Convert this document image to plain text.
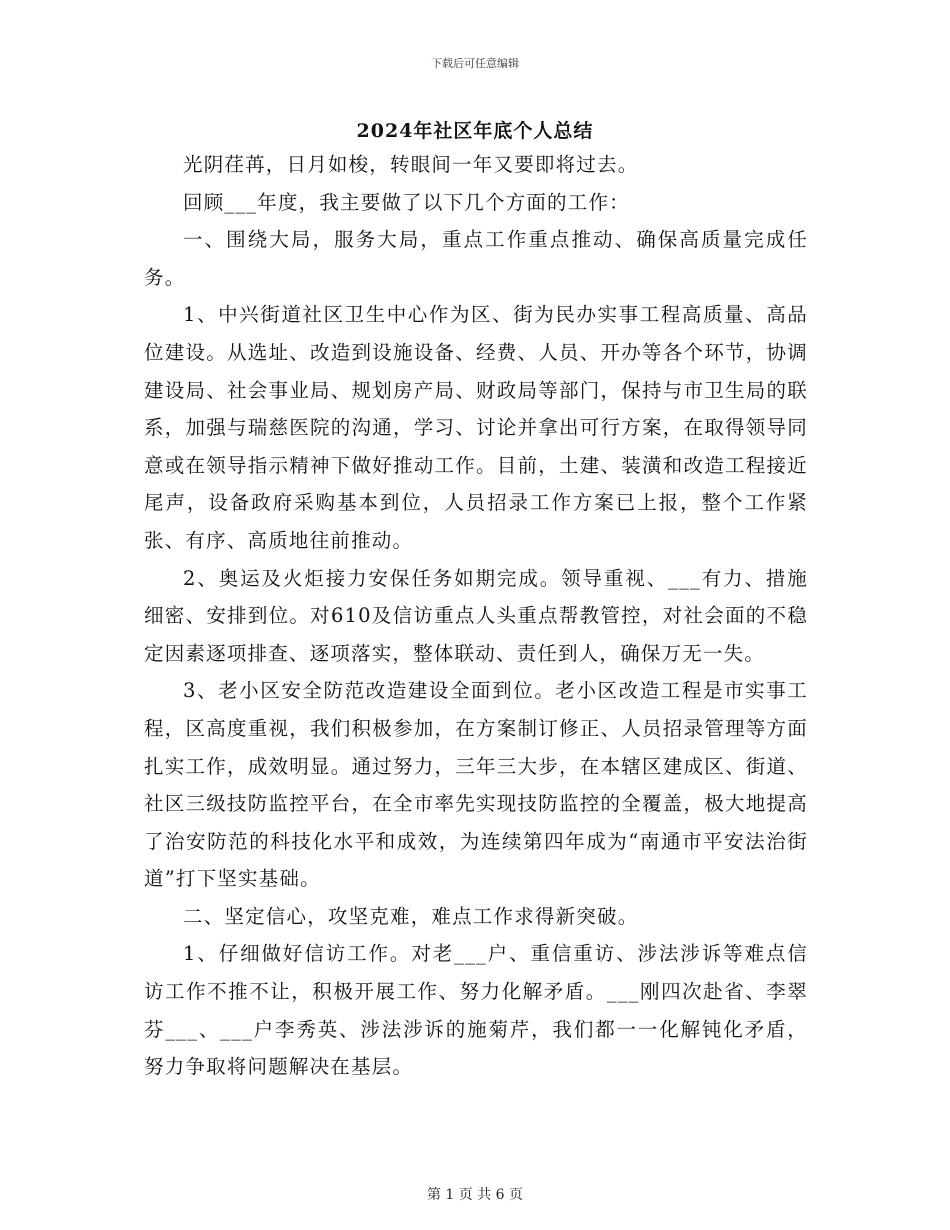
下载后可任意编辑
2024年社区年底个人总结

光阴荏苒，日月如梭，转眼间一年又要即将过去。

回顾___年度，我主要做了以下几个方面的工作：

一、围绕大局，服务大局，重点工作重点推动、确保高质量完成任务。

1、中兴街道社区卫生中心作为区、街为民办实事工程高质量、高品位建设。从选址、改造到设施设备、经费、人员、开办等各个环节，协调建设局、社会事业局、规划房产局、财政局等部门，保持与市卫生局的联系，加强与瑞慈医院的沟通，学习、讨论并拿出可行方案，在取得领导同意或在领导指示精神下做好推动工作。目前，土建、装潢和改造工程接近尾声，设备政府采购基本到位，人员招录工作方案已上报，整个工作紧张、有序、高质地往前推动。

2、奥运及火炬接力安保任务如期完成。领导重视、___有力、措施细密、安排到位。对610及信访重点人头重点帮教管控，对社会面的不稳定因素逐项排查、逐项落实，整体联动、责任到人，确保万无一失。

3、老小区安全防范改造建设全面到位。老小区改造工程是市实事工程，区高度重视，我们积极参加，在方案制订修正、人员招录管理等方面扎实工作，成效明显。通过努力，三年三大步，在本辖区建成区、街道、社区三级技防监控平台，在全市率先实现技防监控的全覆盖，极大地提高了治安防范的科技化水平和成效，为连续第四年成为“南通市平安法治街道”打下坚实基础。

二、坚定信心，攻坚克难，难点工作求得新突破。

1、仔细做好信访工作。对老___户、重信重访、涉法涉诉等难点信访工作不推不让，积极开展工作、努力化解矛盾。___刚四次赴省、李翠芬___、___户李秀英、涉法涉诉的施菊芹，我们都一一化解钝化矛盾，努力争取将问题解决在基层。

第 1 页 共 6 页
